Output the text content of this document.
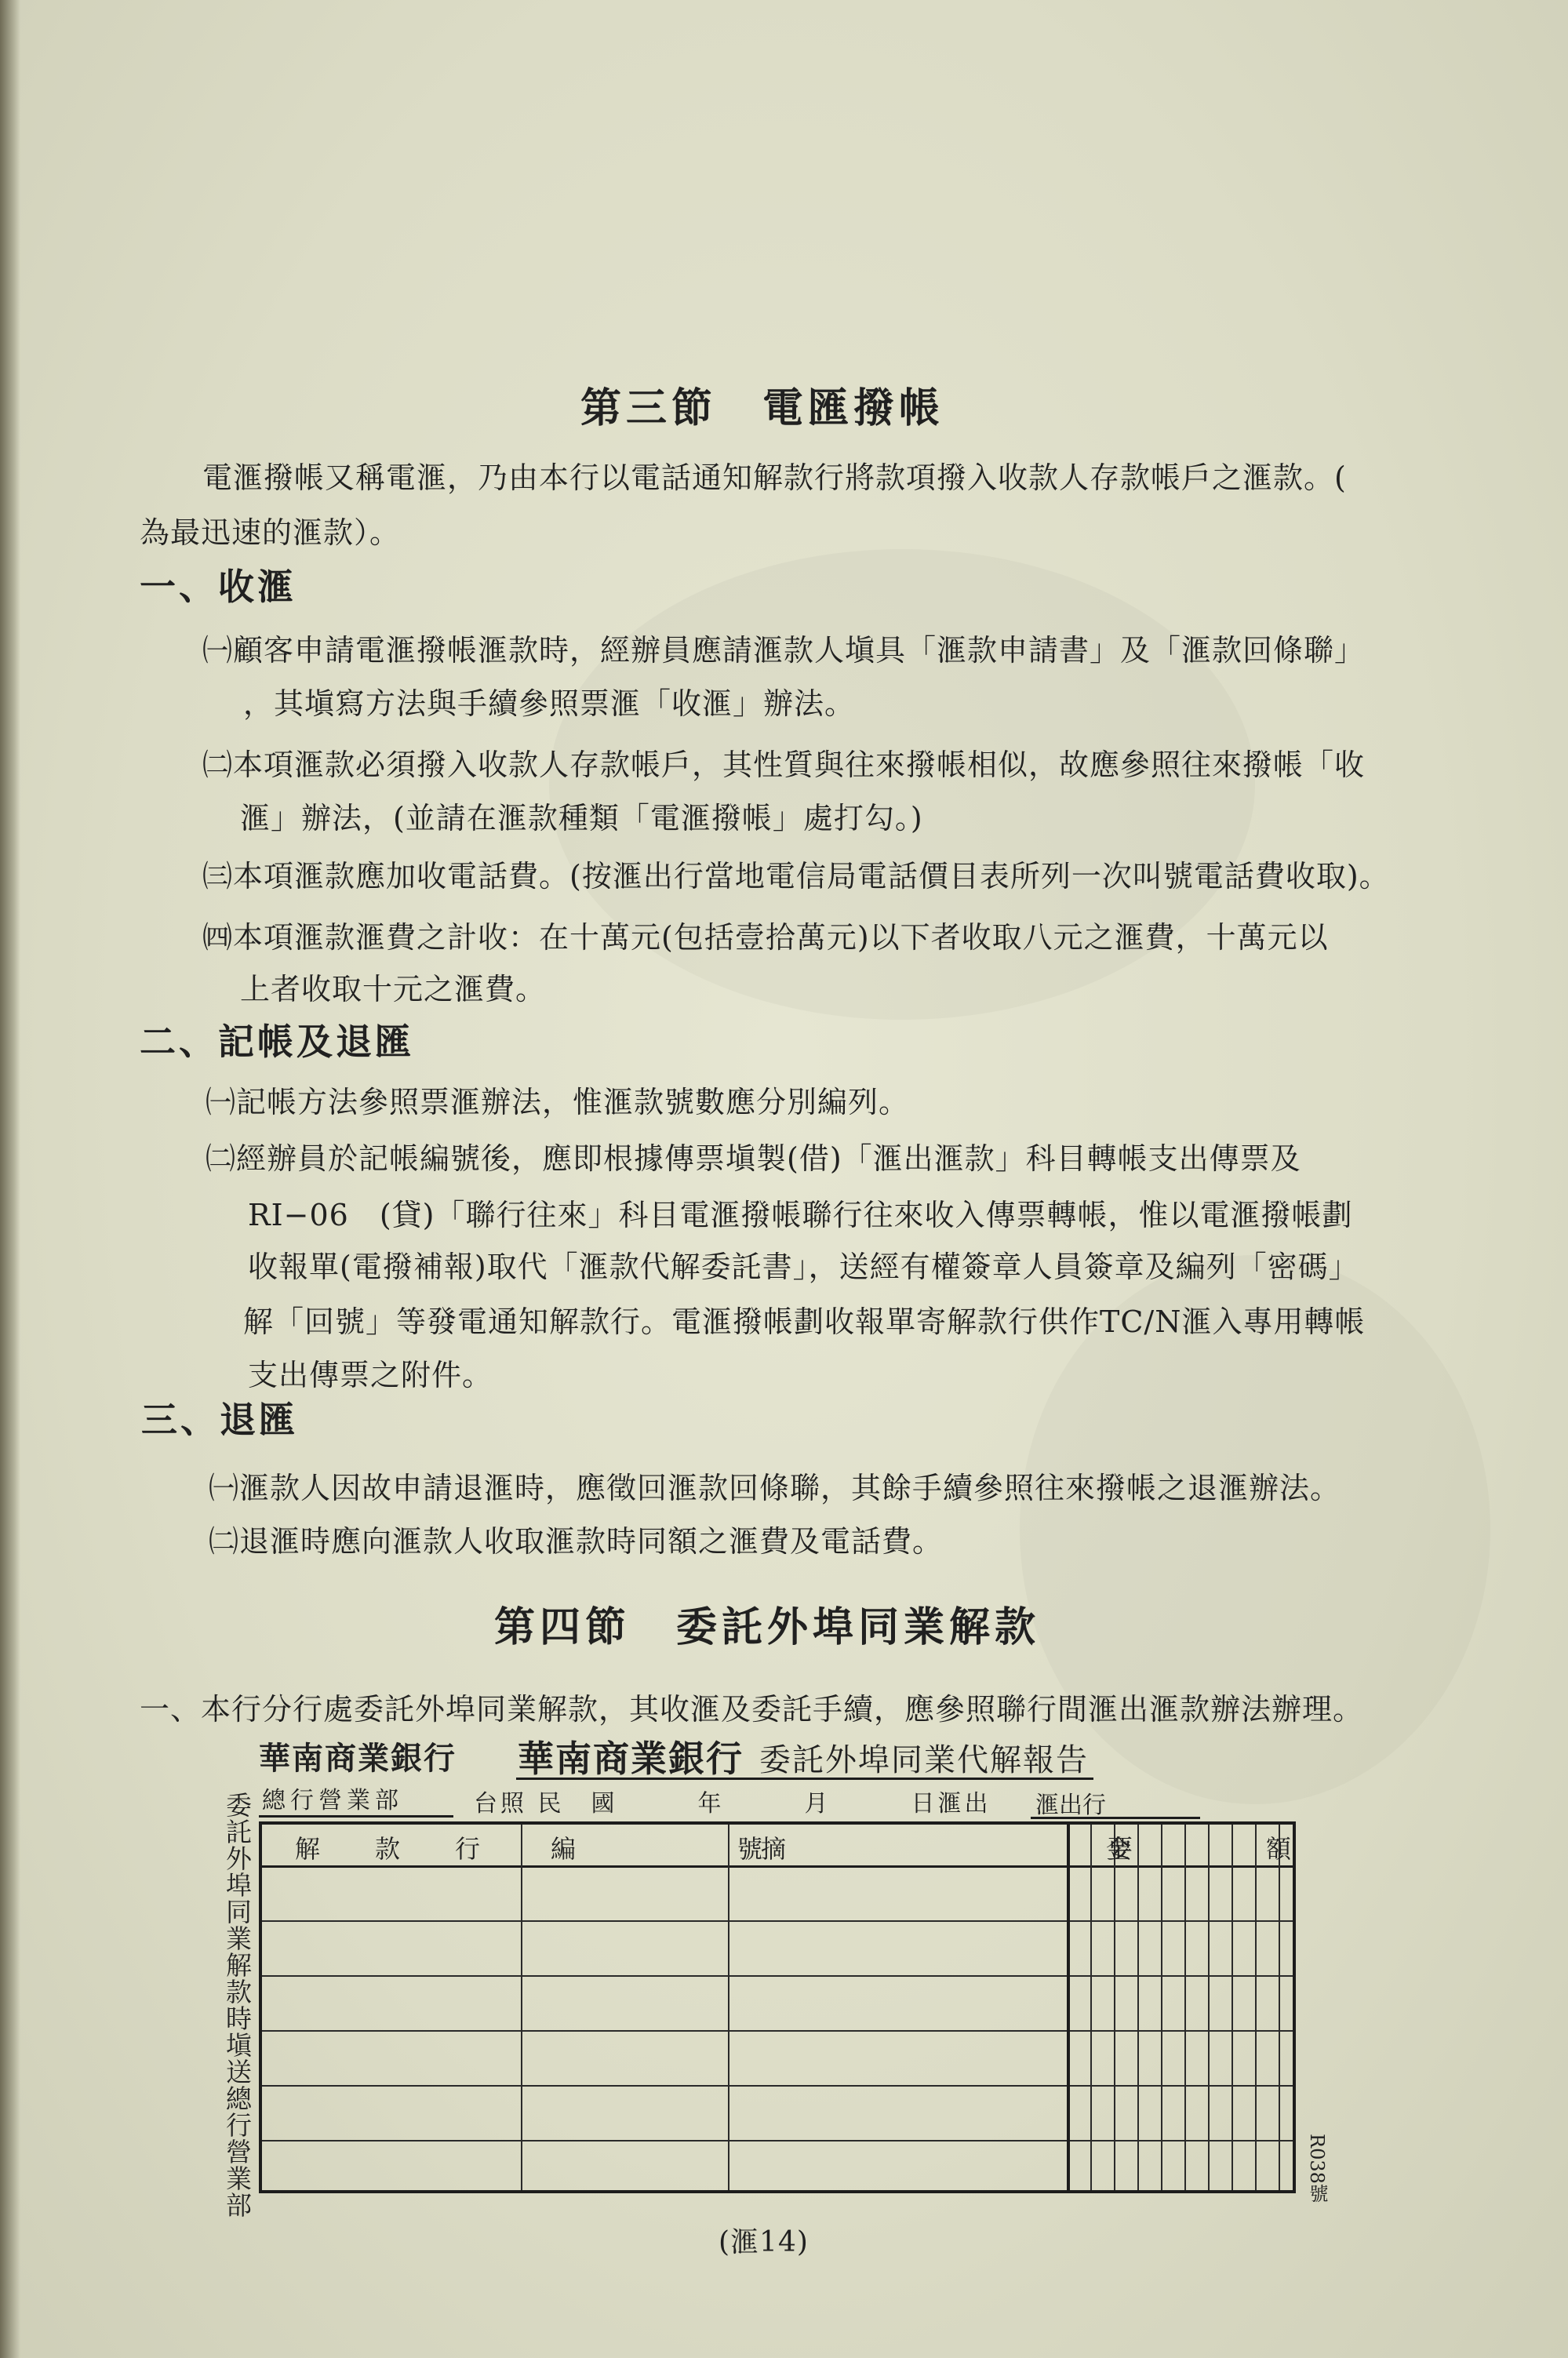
第三節　電匯撥帳
電滙撥帳又稱電滙，乃由本行以電話通知解款行將款項撥入收款人存款帳戶之滙款。(
為最迅速的滙款）。
一、收滙
㈠顧客申請電滙撥帳滙款時，經辦員應請滙款人塡具「滙款申請書」及「滙款回條聯」
，其塡寫方法與手續參照票滙「收滙」辦法。
㈡本項滙款必須撥入收款人存款帳戶，其性質與往來撥帳相似，故應參照往來撥帳「收
滙」辦法，(並請在滙款種類「電滙撥帳」處打勾。)
㈢本項滙款應加收電話費。(按滙出行當地電信局電話價目表所列一次叫號電話費收取)。
㈣本項滙款滙費之計收：在十萬元(包括壹拾萬元)以下者收取八元之滙費，十萬元以
上者收取十元之滙費。
二、記帳及退匯
㈠記帳方法參照票滙辦法，惟滙款號數應分別編列。
㈡經辦員於記帳編號後，應即根據傳票塡製(借)「滙出滙款」科目轉帳支出傳票及
RI−06　(貸)「聯行往來」科目電滙撥帳聯行往來收入傳票轉帳，惟以電滙撥帳劃
收報單(電撥補報)取代「滙款代解委託書」，送經有權簽章人員簽章及編列「密碼」
解「回號」等發電通知解款行。電滙撥帳劃收報單寄解款行供作TC/N滙入專用轉帳
支出傳票之附件。
三、退匯
㈠滙款人因故申請退滙時，應徵回滙款回條聯，其餘手續參照往來撥帳之退滙辦法。
㈡退滙時應向滙款人收取滙款時同額之滙費及電話費。
第四節　委託外埠同業解款
一、本行分行處委託外埠同業解款，其收滙及委託手續，應參照聯行間滙出滙款辦法辦理。
華南商業銀行 華南商業銀行 委託外埠同業代解報告
總行營業部	台照 民　國　　　年　　　月　　　日滙出 滙出行
委託外埠同業解款時塡送總行營業部 解　　款　　行	編　　　　　　號
摘　　　　　　　　　　　　要
金　　　　　額
R038號
(滙14)
